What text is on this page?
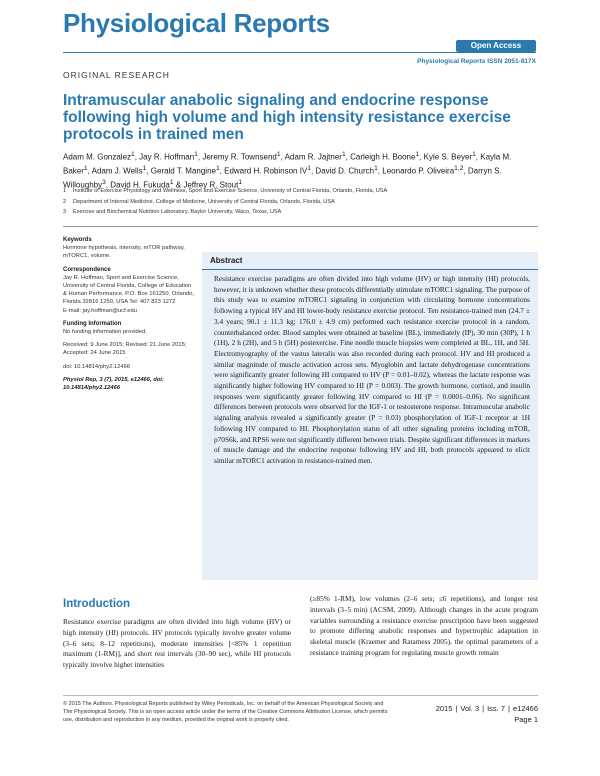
Physiological Reports
Open Access
Physiological Reports ISSN 2051-817X
ORIGINAL RESEARCH
Intramuscular anabolic signaling and endocrine response following high volume and high intensity resistance exercise protocols in trained men
Adam M. Gonzalez$^1$, Jay R. Hoffman$^1$, Jeremy R. Townsend$^1$, Adam R. Jajtner$^1$, Carleigh H. Boone$^1$, Kyle S. Beyer$^1$, Kayla M. Baker$^1$, Adam J. Wells$^1$, Gerald T. Mangine$^1$, Edward H. Robinson $IV^1$, David D. Church$^1$, Leonardo P. Oliveira$^{1,2}$, Darryn S. Willoughby$^3$, David H. Fukuda$^1$ & Jeffrey R. Stout$^1$
1 Institute of Exercise Physiology and Wellness, Sport and Exercise Science, University of Central Florida, Orlando, Florida, USA
2 Department of Internal Medicine, College of Medicine, University of Central Florida, Orlando, Florida, USA
3 Exercise and Biochemical Nutrition Laboratory, Baylor University, Waco, Texas, USA
Keywords
Hormone hypothesis, intensity, mTOR pathway, mTORC1, volume.
Correspondence
Jay R. Hoffman, Sport and Exercise Science, University of Central Florida, College of Education & Human Performance, P.O. Box 161250, Orlando, Florida 32816 1250, USA Tel: 407 823 1272
E-mail: jay.hoffman@ucf.edu
Funding Information
No funding information provided.
Received: 9 June 2015; Revised: 21 June 2015; Accepted: 24 June 2015
doi: 10.14814/phy2.12466
Physiol Rep, 3 (7), 2015, e12466, doi: 10.14814/phy2.12466
Abstract
Resistance exercise paradigms are often divided into high volume (HV) or high intensity (HI) protocols, however, it is unknown whether these protocols differentially stimulate mTORC1 signaling. The purpose of this study was to examine mTORC1 signaling in conjunction with circulating hormone concentrations following a typical HV and HI lower-body resistance exercise protocol. Ten resistance-trained men (24.7 ± 3.4 years; 90.1 ± 11.3 kg; 176.0 ± 4.9 cm) performed each resistance exercise protocol in a random, counterbalanced order. Blood samples were obtained at baseline (BL), immediately (IP), 30 min (30P), 1 h (1H), 2 h (2H), and 5 h (5H) postexercise. Fine needle muscle biopsies were completed at BL, 1H, and 5H. Electromyography of the vastus lateralis was also recorded during each protocol. HV and HI produced a similar magnitude of muscle activation across sets. Myoglobin and lactate dehydrogenase concentrations were significantly greater following HI compared to HV (P = 0.01–0.02), whereas the lactate response was significantly higher following HV compared to HI (P = 0.003). The growth hormone, cortisol, and insulin responses were significantly greater following HV compared to HI (P = 0.0001–0.06). No significant differences between protocols were observed for the IGF-1 or testosterone response. Intramuscular anabolic signaling analysis revealed a significantly greater (P = 0.03) phosphorylation of IGF-1 receptor at 1H following HV compared to HI. Phosphorylation status of all other signaling proteins including mTOR, p70S6k, and RPS6 were not significantly different between trials. Despite significant differences in markers of muscle damage and the endocrine response following HV and HI, both protocols appeared to elicit similar mTORC1 activation in resistance-trained men.
Introduction
Resistance exercise paradigms are often divided into high volume (HV) or high intensity (HI) protocols. HV protocols typically involve greater volume (3–6 sets; 8–12 repetitions), moderate intensities [<85% 1 repetition maximum (1-RM)], and short rest intervals (30–90 sec), while HI protocols typically involve higher intensities
(≥85% 1-RM), low volumes (2–6 sets; ≤6 repetitions), and longer rest intervals (3–5 min) (ACSM, 2009). Although changes in the acute program variables surrounding a resistance exercise prescription have been suggested to promote differing anabolic responses and hypertrophic adaptation in skeletal muscle (Kraemer and Ratamess 2005), the optimal parameters of a resistance training program for regulating muscle growth remain
© 2015 The Authors. Physiological Reports published by Wiley Periodicals, Inc. on behalf of the American Physiological Society and The Physiological Society. This is an open access article under the terms of the Creative Commons Attribution License, which permits use, distribution and reproduction in any medium, provided the original work is properly cited.
2015 | Vol. 3 | Iss. 7 | e12466
Page 1
